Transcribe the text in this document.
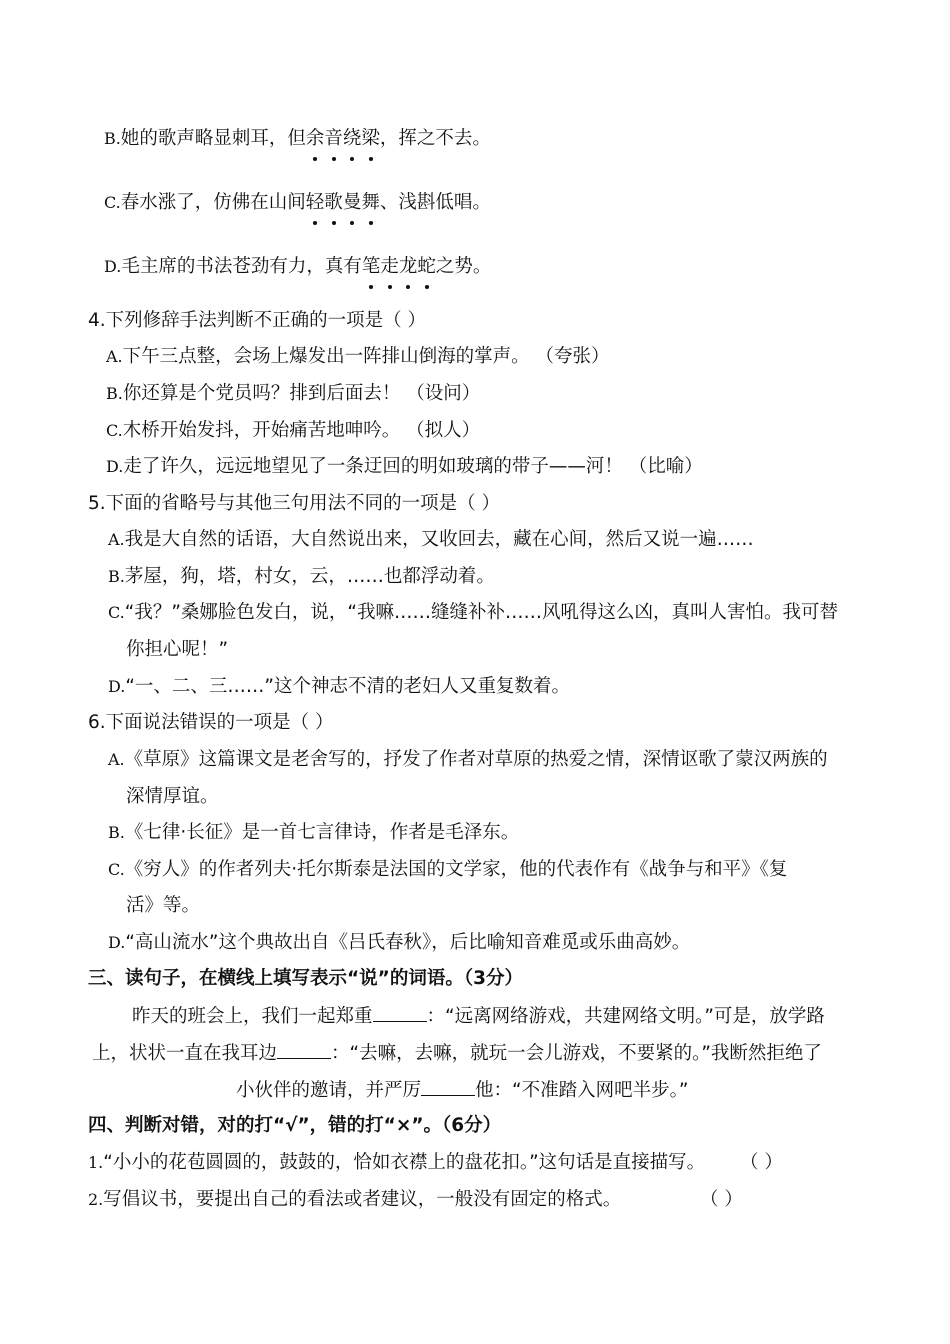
B.她的歌声略显刺耳，但余音绕梁，挥之不去。
C.春水涨了，仿佛在山间轻歌曼舞、浅斟低唱。
D.毛主席的书法苍劲有力，真有笔走龙蛇之势。
4.下列修辞手法判断不正确的一项是（ ）
A.下午三点整，会场上爆发出一阵排山倒海的掌声。 （夸张）
B.你还算是个党员吗？排到后面去！ （设问）
C.木桥开始发抖，开始痛苦地呻吟。 （拟人）
D.走了许久，远远地望见了一条迂回的明如玻璃的带子——河！ （比喻）
5.下面的省略号与其他三句用法不同的一项是（ ）
A.我是大自然的话语，大自然说出来，又收回去，藏在心间，然后又说一遍……
B.茅屋，狗，塔，村女，云，……也都浮动着。
C.“我？”桑娜脸色发白，说，“我嘛……缝缝补补……风吼得这么凶，真叫人害怕。我可替
你担心呢！”
D.“一、二、三……”这个神志不清的老妇人又重复数着。
6.下面说法错误的一项是（ ）
A.《草原》这篇课文是老舍写的，抒发了作者对草原的热爱之情，深情讴歌了蒙汉两族的
深情厚谊。
B.《七律·长征》是一首七言律诗，作者是毛泽东。
C.《穷人》的作者列夫·托尔斯泰是法国的文学家，他的代表作有《战争与和平》《复
活》等。
D.“高山流水”这个典故出自《吕氏春秋》，后比喻知音难觅或乐曲高妙。
三、读句子，在横线上填写表示“说”的词语。（3分）
昨天的班会上，我们一起郑重	：“远离网络游戏，共建网络文明。”可是，放学路
上，状状一直在我耳边	：“去嘛，去嘛，就玩一会儿游戏，不要紧的。”我断然拒绝了
小伙伴的邀请，并严厉	他：“不准踏入网吧半步。”
四、判断对错，对的打“√”，错的打“×”。（6分）
1.“小小的花苞圆圆的，鼓鼓的，恰如衣襟上的盘花扣。”这句话是直接描写。 （ ）
2.写倡议书，要提出自己的看法或者建议，一般没有固定的格式。	（ ）
